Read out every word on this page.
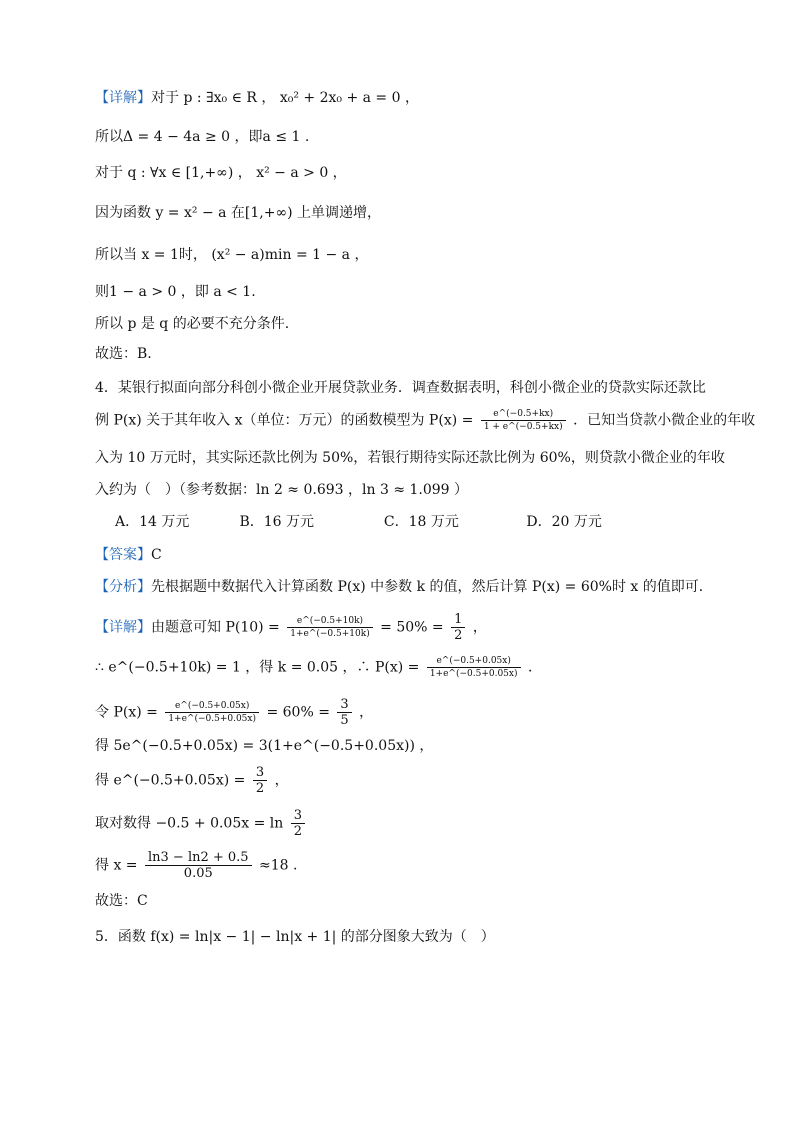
【详解】对于 p : ∃x₀ ∈ R ， x₀² + 2x₀ + a = 0 ，
所以Δ = 4 − 4a ≥ 0 ，即a ≤ 1 .
对于 q : ∀x ∈ [1,+∞) ， x² − a > 0 ，
因为函数 y = x² − a 在[1,+∞) 上单调递增，
所以当 x = 1时， (x² − a)min = 1 − a ，
则1 − a > 0 ，即 a < 1.
所以 p 是 q 的必要不充分条件.
故选：B.
4．某银行拟面向部分科创小微企业开展贷款业务．调查数据表明，科创小微企业的贷款实际还款比
例 P(x) 关于其年收入 x（单位：万元）的函数模型为 $P(x) = \frac{e\^{}(-0.5+kx)}{1 + e\^{}(-0.5+kx)}$ ．已知当贷款小微企业的年收
入为 10 万元时，其实际还款比例为 50%，若银行期待实际还款比例为 60%，则贷款小微企业的年收
入约为（　）（参考数据：ln 2 ≈ 0.693 ，ln 3 ≈ 1.099 ）
A．14 万元	B．16 万元	C．18 万元	D．20 万元
【答案】C
【分析】先根据题中数据代入计算函数 P(x) 中参数 k 的值，然后计算 P(x) = 60%时 x 的值即可．
【详解】由题意可知 $P(10) = \frac{e\^{}(-0.5+10k)}{1+e\^{}(-0.5+10k)} = 50\% = \frac{1}{2}$ ，
∴ e^(−0.5+10k) = 1 ，得 k = 0.05 ，∴ $P(x) = \frac{e\^{}(-0.5+0.05x)}{1+e\^{}(-0.5+0.05x)}$ ．
令 $P(x) = \frac{e\^{}(-0.5+0.05x)}{1+e\^{}(-0.5+0.05x)} = 60\% = \frac{3}{5}$ ，
得 5e^(−0.5+0.05x) = 3(1+e^(−0.5+0.05x)) ，
得 e^(−0.5+0.05x) = $\frac{3}{2}$ ，
取对数得 $-0.5 + 0.05x = \ln \frac{3}{2}$
得 $x = \frac{\ln 3 - \ln 2 + 0.5}{0.05} \approx 18$ .
故选：C
5．函数 f(x) = ln|x − 1| − ln|x + 1| 的部分图象大致为（　）
